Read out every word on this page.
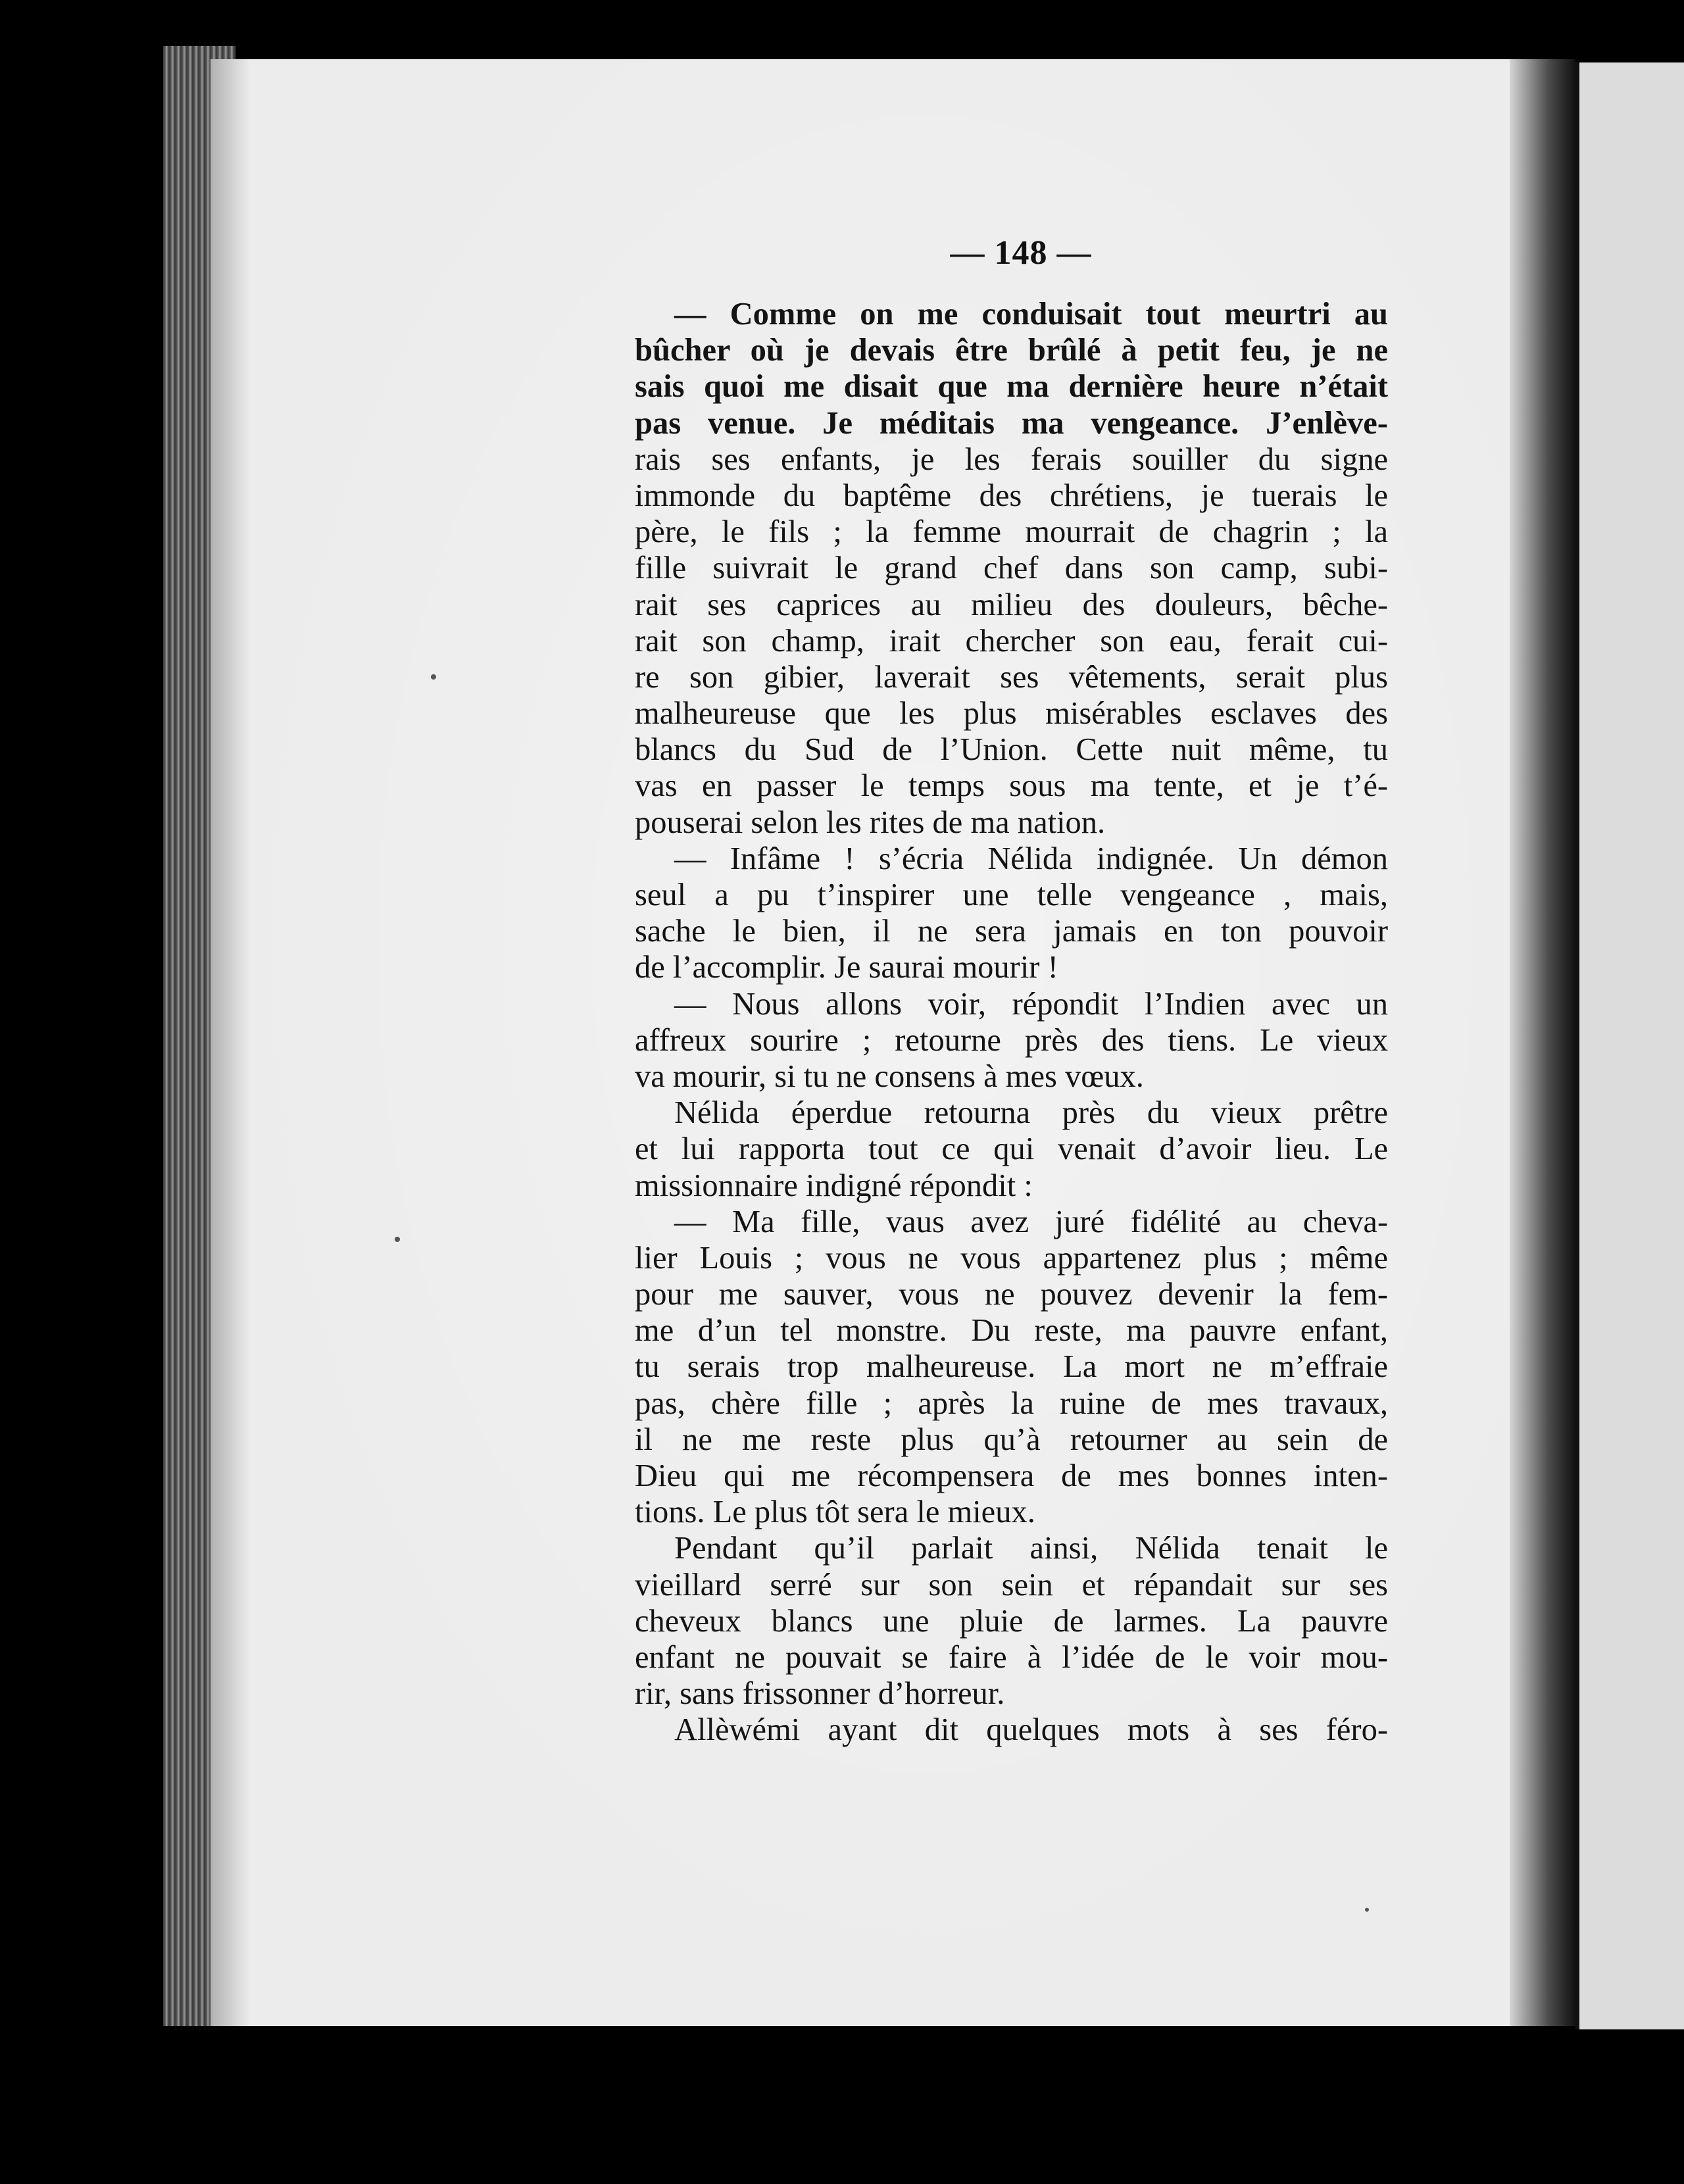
— 148 —
— Comme on me conduisait tout meurtri au
bûcher où je devais être brûlé à petit feu, je ne
sais quoi me disait que ma dernière heure n’était
pas venue. Je méditais ma vengeance. J’enlève-
rais ses enfants, je les ferais souiller du signe
immonde du baptême des chrétiens, je tuerais le
père, le fils ; la femme mourrait de chagrin ; la
fille suivrait le grand chef dans son camp, subi-
rait ses caprices au milieu des douleurs, bêche-
rait son champ, irait chercher son eau, ferait cui-
re son gibier, laverait ses vêtements, serait plus
malheureuse que les plus misérables esclaves des
blancs du Sud de l’Union. Cette nuit même, tu
vas en passer le temps sous ma tente, et je t’é-
pouserai selon les rites de ma nation.
— Infâme ! s’écria Nélida indignée. Un démon
seul a pu t’inspirer une telle vengeance , mais,
sache le bien, il ne sera jamais en ton pouvoir
de l’accomplir. Je saurai mourir !
— Nous allons voir, répondit l’Indien avec un
affreux sourire ; retourne près des tiens. Le vieux
va mourir, si tu ne consens à mes vœux.
Nélida éperdue retourna près du vieux prêtre
et lui rapporta tout ce qui venait d’avoir lieu. Le
missionnaire indigné répondit :
— Ma fille, vaus avez juré fidélité au cheva-
lier Louis ; vous ne vous appartenez plus ; même
pour me sauver, vous ne pouvez devenir la fem-
me d’un tel monstre. Du reste, ma pauvre enfant,
tu serais trop malheureuse. La mort ne m’effraie
pas, chère fille ; après la ruine de mes travaux,
il ne me reste plus qu’à retourner au sein de
Dieu qui me récompensera de mes bonnes inten-
tions. Le plus tôt sera le mieux.
Pendant qu’il parlait ainsi, Nélida tenait le
vieillard serré sur son sein et répandait sur ses
cheveux blancs une pluie de larmes. La pauvre
enfant ne pouvait se faire à l’idée de le voir mou-
rir, sans frissonner d’horreur.
Allèwémi ayant dit quelques mots à ses féro-
